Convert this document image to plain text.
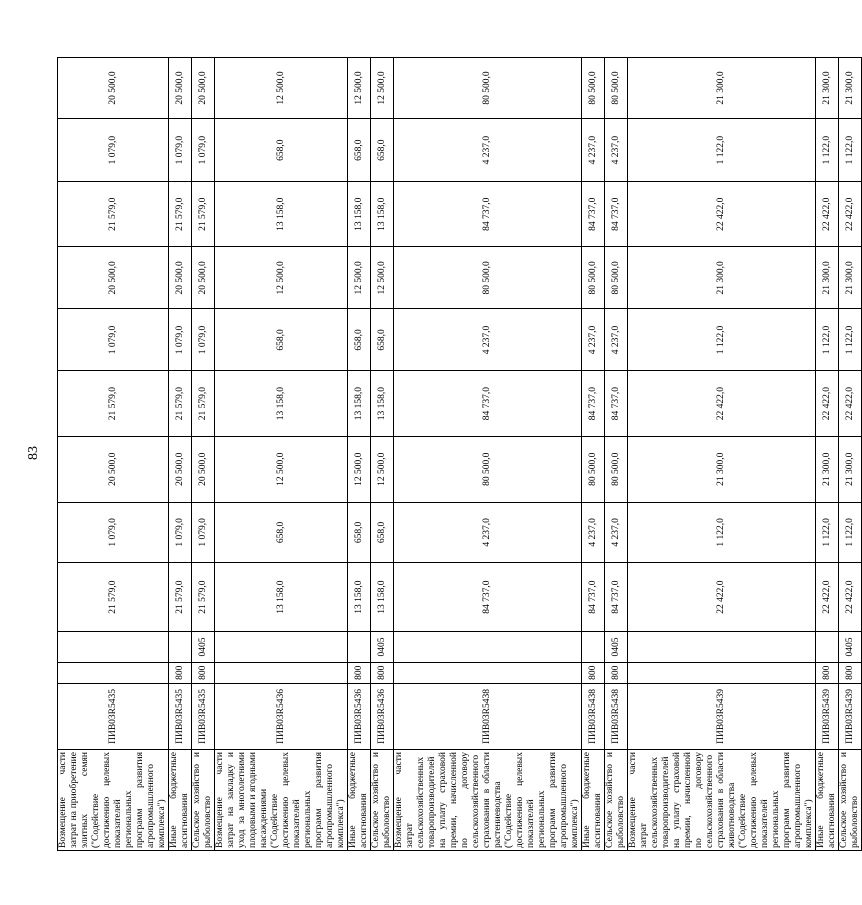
83
Возмещение части затрат на приобретение элитных семян ("Содействие достижению целевых показателей региональных программ развития агропромышленного комплекса")	ПИВ03R5435			21 579,0	1 079,0	20 500,0	21 579,0	1 079,0	20 500,0	21 579,0	1 079,0	20 500,0
Иные бюджетные ассигнования	ПИВ03R5435	800		21 579,0	1 079,0	20 500,0	21 579,0	1 079,0	20 500,0	21 579,0	1 079,0	20 500,0
Сельское хозяйство и рыболовство	ПИВ03R5435	800	0405	21 579,0	1 079,0	20 500,0	21 579,0	1 079,0	20 500,0	21 579,0	1 079,0	20 500,0
Возмещение части затрат на закладку и уход за многолетними плодовыми и ягодными насаждениями ("Содействие достижению целевых показателей региональных программ развития агропромышленного комплекса")	ПИВ03R5436			13 158,0	658,0	12 500,0	13 158,0	658,0	12 500,0	13 158,0	658,0	12 500,0
Иные бюджетные ассигнования	ПИВ03R5436	800		13 158,0	658,0	12 500,0	13 158,0	658,0	12 500,0	13 158,0	658,0	12 500,0
Сельское хозяйство и рыболовство	ПИВ03R5436	800	0405	13 158,0	658,0	12 500,0	13 158,0	658,0	12 500,0	13 158,0	658,0	12 500,0
Возмещение части затрат сельскохозяйственных товаропроизводителей на уплату страховой премии, начисленной по договору сельскохозяйственного страхования в области растениеводства ("Содействие достижению целевых показателей региональных программ развития агропромышленного комплекса")	ПИВ03R5438			84 737,0	4 237,0	80 500,0	84 737,0	4 237,0	80 500,0	84 737,0	4 237,0	80 500,0
Иные бюджетные ассигнования	ПИВ03R5438	800		84 737,0	4 237,0	80 500,0	84 737,0	4 237,0	80 500,0	84 737,0	4 237,0	80 500,0
Сельское хозяйство и рыболовство	ПИВ03R5438	800	0405	84 737,0	4 237,0	80 500,0	84 737,0	4 237,0	80 500,0	84 737,0	4 237,0	80 500,0
Возмещение части затрат сельскохозяйственных товаропроизводителей на уплату страховой премии, начисленной по договору сельскохозяйственного страхования в области животноводства ("Содействие достижению целевых показателей региональных программ развития агропромышленного комплекса")	ПИВ03R5439			22 422,0	1 122,0	21 300,0	22 422,0	1 122,0	21 300,0	22 422,0	1 122,0	21 300,0
Иные бюджетные ассигнования	ПИВ03R5439	800		22 422,0	1 122,0	21 300,0	22 422,0	1 122,0	21 300,0	22 422,0	1 122,0	21 300,0
Сельское хозяйство и рыболовство	ПИВ03R5439	800	0405	22 422,0	1 122,0	21 300,0	22 422,0	1 122,0	21 300,0	22 422,0	1 122,0	21 300,0
